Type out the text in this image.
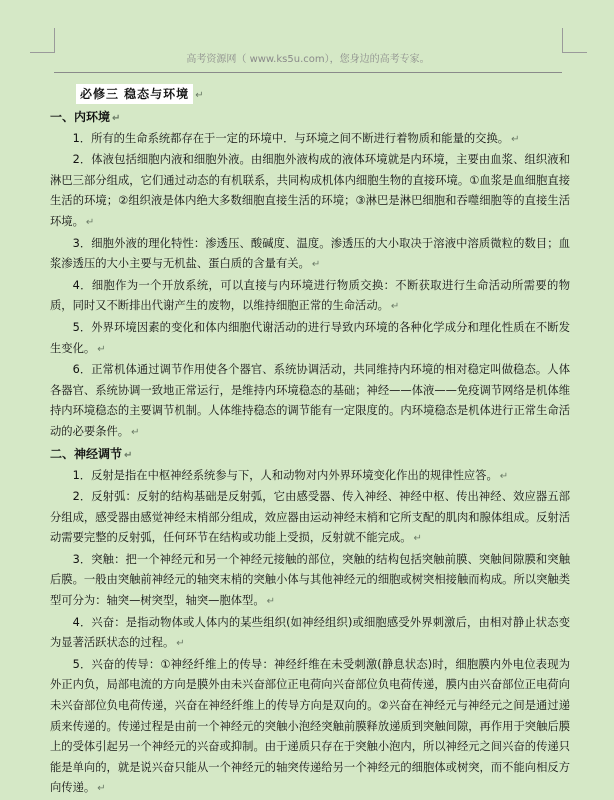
高考资源网（ www.ks5u.com），您身边的高考专家。
必修三 稳态与环境 ↵

一、内环境 ↵

1．所有的生命系统都存在于一定的环境中．与环境之间不断进行着物质和能量的交换。 ↵

2．体液包括细胞内液和细胞外液。由细胞外液构成的液体环境就是内环境，主要由血浆、组织液和淋巴三部分组成，它们通过动态的有机联系，共同构成机体内细胞生物的直接环境。①血浆是血细胞直接生活的环境；②组织液是体内绝大多数细胞直接生活的环境；③淋巴是淋巴细胞和吞噬细胞等的直接生活环境。 ↵

3．细胞外液的理化特性：渗透压、酸碱度、温度。渗透压的大小取决于溶液中溶质微粒的数目；血浆渗透压的大小主要与无机盐、蛋白质的含量有关。 ↵

4．细胞作为一个开放系统，可以直接与内环境进行物质交换：不断获取进行生命活动所需要的物质，同时又不断排出代谢产生的废物，以维持细胞正常的生命活动。 ↵

5．外界环境因素的变化和体内细胞代谢活动的进行导致内环境的各种化学成分和理化性质在不断发生变化。 ↵

6．正常机体通过调节作用使各个器官、系统协调活动，共同维持内环境的相对稳定叫做稳态。人体各器官、系统协调一致地正常运行，是维持内环境稳态的基础；神经——体液——免疫调节网络是机体维持内环境稳态的主要调节机制。人体维持稳态的调节能有一定限度的。内环境稳态是机体进行正常生命活动的必要条件。 ↵

二、神经调节 ↵

1．反射是指在中枢神经系统参与下，人和动物对内外界环境变化作出的规律性应答。 ↵

2．反射弧：反射的结构基础是反射弧，它由感受器、传入神经、神经中枢、传出神经、效应器五部分组成，感受器由感觉神经末梢部分组成，效应器由运动神经末梢和它所支配的肌肉和腺体组成。反射活动需要完整的反射弧，任何环节在结构或功能上受损，反射就不能完成。 ↵

3．突触：把一个神经元和另一个神经元接触的部位，突触的结构包括突触前膜、突触间隙膜和突触后膜。一般由突触前神经元的轴突末梢的突触小体与其他神经元的细胞或树突相接触而构成。所以突触类型可分为：轴突—树突型，轴突—胞体型。 ↵

4．兴奋：是指动物体或人体内的某些组织(如神经组织)或细胞感受外界刺激后，由相对静止状态变为显著活跃状态的过程。 ↵

5．兴奋的传导：①神经纤维上的传导：神经纤维在未受刺激(静息状态)时，细胞膜内外电位表现为外正内负，局部电流的方向是膜外由未兴奋部位正电荷向兴奋部位负电荷传递，膜内由兴奋部位正电荷向未兴奋部位负电荷传递，兴奋在神经纤维上的传导方向是双向的。②兴奋在神经元与神经元之间是通过递质来传递的。传递过程是由前一个神经元的突触小泡经突触前膜释放递质到突触间隙，再作用于突触后膜上的受体引起另一个神经元的兴奋或抑制。由于递质只存在于突触小泡内，所以神经元之间兴奋的传递只能是单向的，就是说兴奋只能从一个神经元的轴突传递给另一个神经元的细胞体或树突，而不能向相反方向传递。 ↵
